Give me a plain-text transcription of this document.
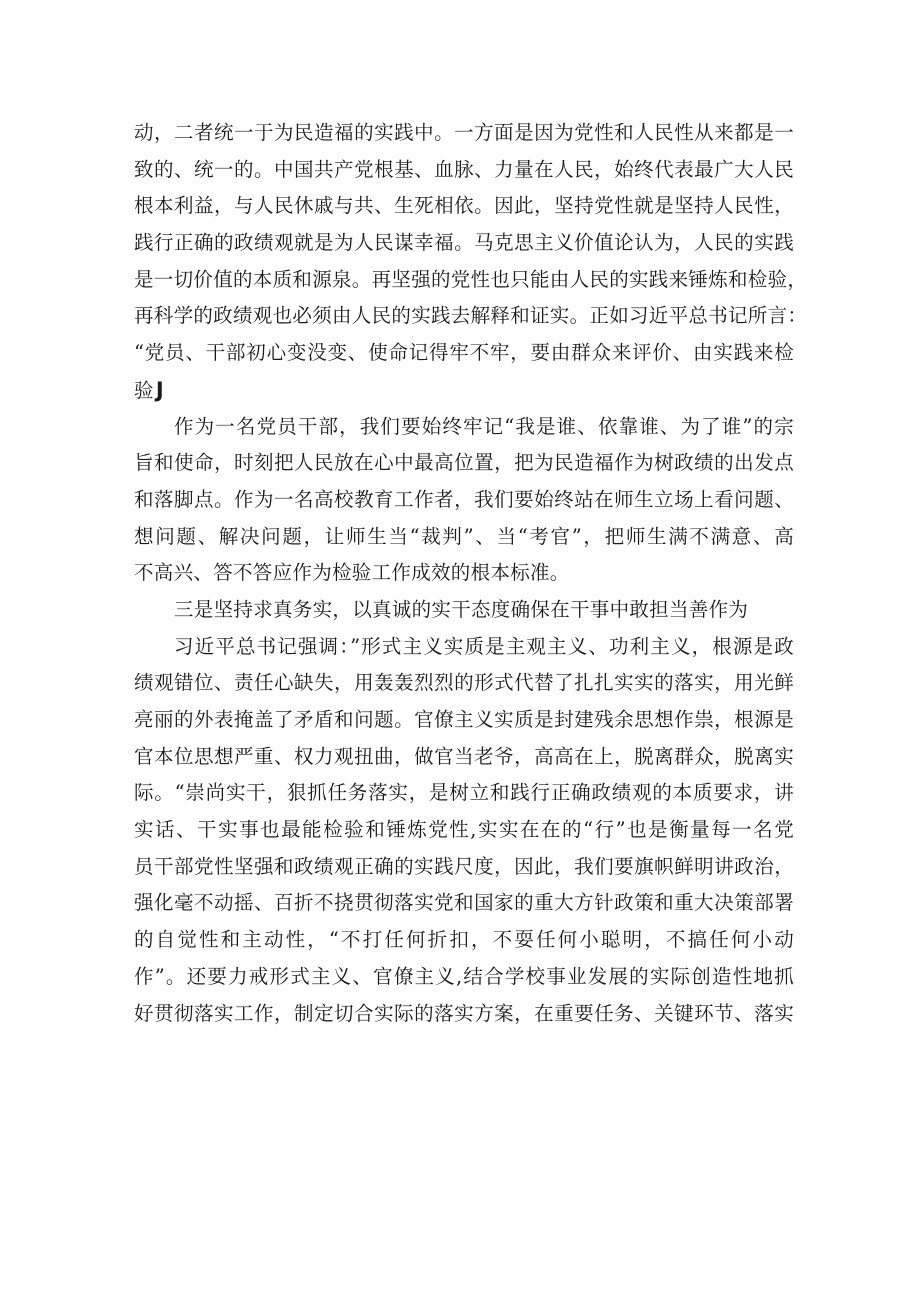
动，二者统一于为民造福的实践中。一方面是因为党性和人民性从来都是一
致的、统一的。中国共产党根基、血脉、力量在人民，始终代表最广大人民
根本利益，与人民休戚与共、生死相依。因此，坚持党性就是坚持人民性，
践行正确的政绩观就是为人民谋幸福。马克思主义价值论认为，人民的实践
是一切价值的本质和源泉。再坚强的党性也只能由人民的实践来锤炼和检验，
再科学的政绩观也必须由人民的实践去解释和证实。正如习近平总书记所言：
“党员、干部初心变没变、使命记得牢不牢，要由群众来评价、由实践来检
验J
作为一名党员干部，我们要始终牢记“我是谁、依靠谁、为了谁”的宗
旨和使命，时刻把人民放在心中最高位置，把为民造福作为树政绩的出发点
和落脚点。作为一名高校教育工作者，我们要始终站在师生立场上看问题、
想问题、解决问题，让师生当“裁判”、当“考官”，把师生满不满意、高
不高兴、答不答应作为检验工作成效的根本标准。
三是坚持求真务实，以真诚的实干态度确保在干事中敢担当善作为
习近平总书记强调：”形式主义实质是主观主义、功利主义，根源是政
绩观错位、责任心缺失，用轰轰烈烈的形式代替了扎扎实实的落实，用光鲜
亮丽的外表掩盖了矛盾和问题。官僚主义实质是封建残余思想作祟，根源是
官本位思想严重、权力观扭曲，做官当老爷，高高在上，脱离群众，脱离实
际。“崇尚实干，狠抓任务落实，是树立和践行正确政绩观的本质要求，讲
实话、干实事也最能检验和锤炼党性,实实在在的“行”也是衡量每一名党
员干部党性坚强和政绩观正确的实践尺度，因此，我们要旗帜鲜明讲政治，
强化毫不动摇、百折不挠贯彻落实党和国家的重大方针政策和重大决策部署
的自觉性和主动性，“不打任何折扣，不耍任何小聪明，不搞任何小动
作”。还要力戒形式主义、官僚主义,结合学校事业发展的实际创造性地抓
好贯彻落实工作，制定切合实际的落实方案，在重要任务、关键环节、落实
